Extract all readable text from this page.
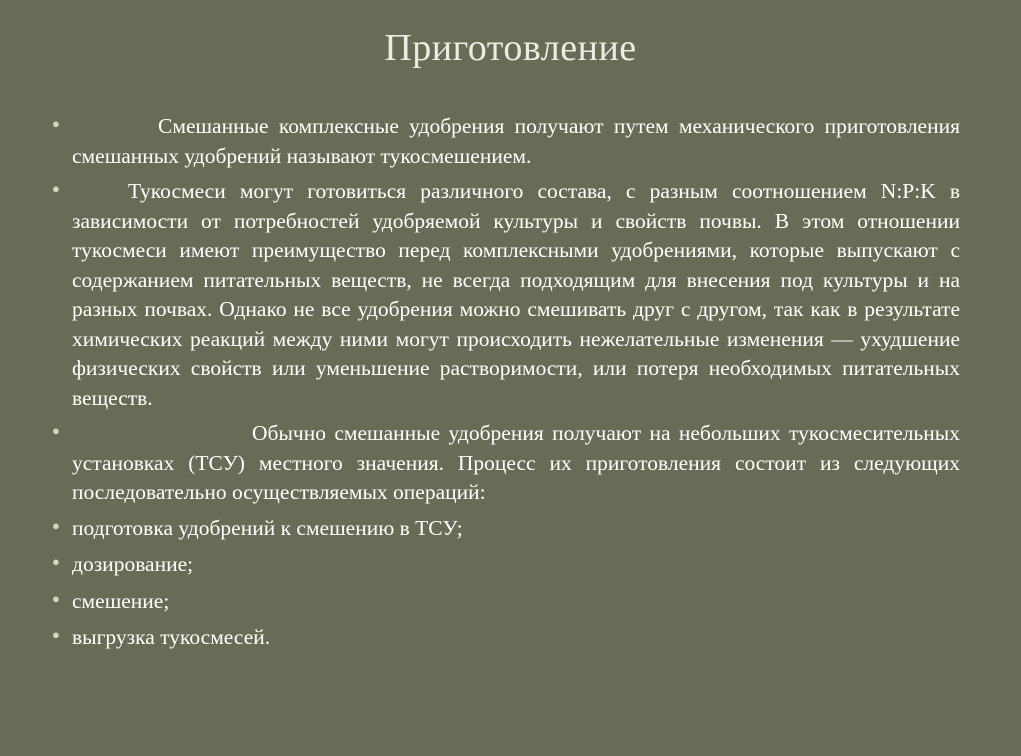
Приготовление
●	Смешанные комплексные удобрения получают путем механического приготовления смешанных удобрений называют тукосмешением.
●	Тукосмеси могут готовиться различного состава, с разным соотношением N:P:K в зависимости от потребностей удобряемой культуры и свойств почвы. В этом отношении тукосмеси имеют преимущество перед комплексными удобрениями, которые выпускают с содержанием питательных веществ, не всегда подходящим для внесения под культуры и на разных почвах. Однако не все удобрения можно смешивать друг с другом, так как в результате химических реакций между ними могут происходить нежелательные изменения — ухудшение физических свойств или уменьшение растворимости, или потеря необходимых питательных веществ.
●	Обычно смешанные удобрения получают на небольших тукосмесительных установках (ТСУ) местного значения. Процесс их приготовления состоит из следующих последовательно осуществляемых операций:
● подготовка удобрений к смешению в ТСУ;
● дозирование;
● смешение;
● выгрузка тукосмесей.
